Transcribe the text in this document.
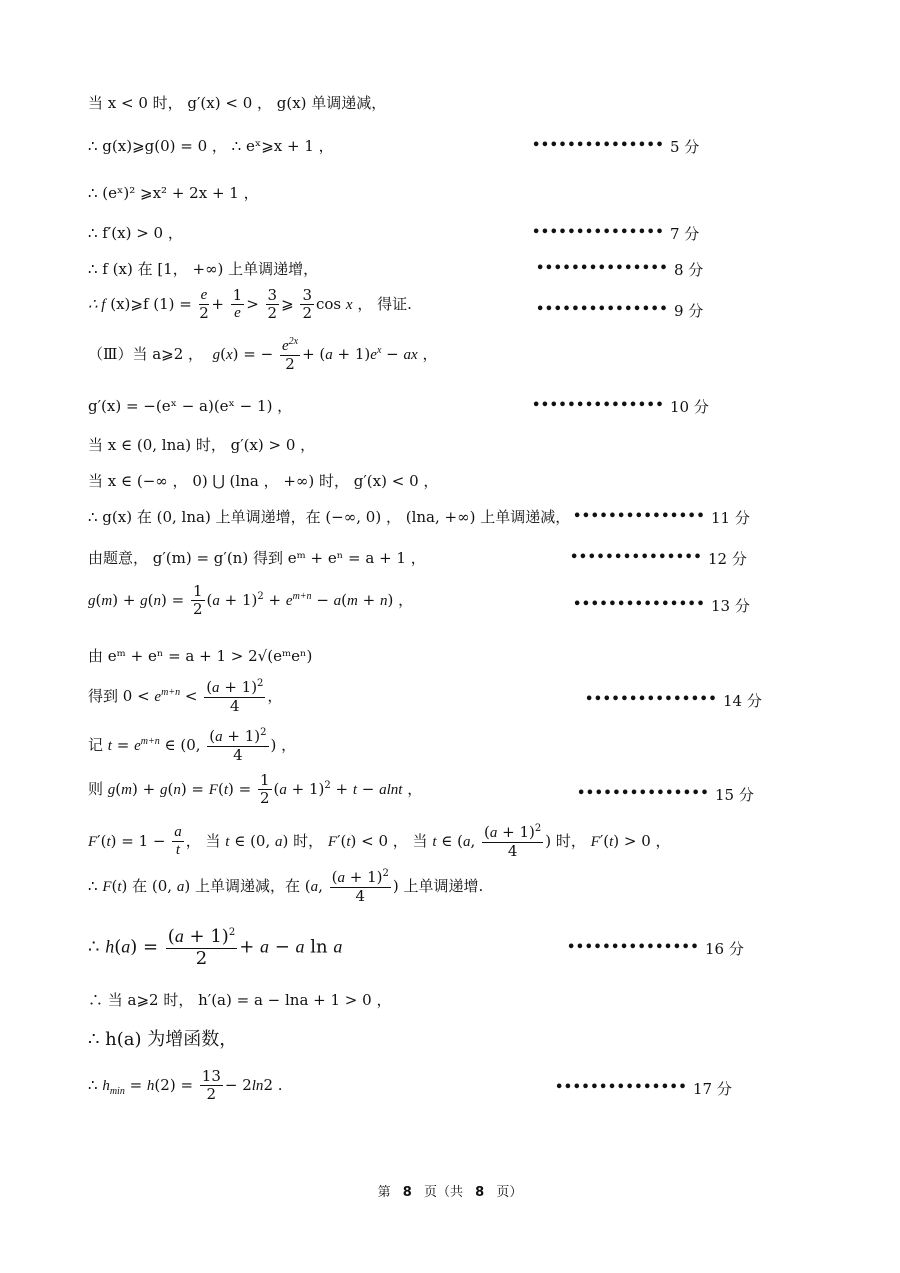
当 x < 0 时， g′(x) < 0 ， g(x) 单调递减，
∴ g(x)⩾g(0) = 0 ， ∴ eˣ⩾x + 1 ，	••••••••••••••• 5 分
∴ (eˣ)² ⩾x² + 2x + 1 ，
∴ f′(x) > 0 ，	••••••••••••••• 7 分
∴ f (x) 在 [1， +∞) 上单调递增，	••••••••••••••• 8 分
∴ f (x)⩾f $(1) = \frac{e}{2} + \frac{1}{e} > \frac{3}{2}$ ⩾ $\frac{3}{2}$ cos x ， 得证.	••••••••••••••• 9 分
（Ⅲ）当 a⩾2 ， g(x) = − $\frac{e^{2x}}{2} + (a + 1)e^x$ − ax ，
g′(x) = −(eˣ − a)(eˣ − 1) ，	••••••••••••••• 10 分
当 x ∈ (0, lna) 时， g′(x) > 0 ，
当 x ∈ (−∞ ， 0) ⋃ (lna ， +∞) 时， g′(x) < 0 ，
∴ g(x) 在 (0, lna) 上单调递增，在 (−∞, 0) ， (lna, +∞) 上单调递减， ••••••••••••••• 11 分
由题意， g′(m) = g′(n) 得到 eᵐ + eⁿ = a + 1 ，	••••••••••••••• 12 分
$g(m) + g(n) = \frac{1}{2} (a + 1)^2 + e^{m+n} - a(m + n)$ ，	••••••••••••••• 13 分
由 eᵐ + eⁿ = a + 1 > 2√(eᵐeⁿ)
得到 $0 < e^{m+n} < \frac{(a + 1)^2}{4}$ ，	••••••••••••••• 14 分
记 $t = e^{m+n}$ ∈ (0, $\frac{(a + 1)^2}{4}$ ) ，
则 $g(m) + g(n) = F(t) = \frac{1}{2} (a + 1)^2 + t - alnt$ ，	••••••••••••••• 15 分
$F'(t) = 1 - \frac{a}{t}$ ， 当 t ∈ (0, a) 时， F′(t) < 0 ， 当 t ∈ (a, $\frac{(a + 1)^2}{4}$ ) 时， F′(t) > 0 ，
∴ F(t) 在 (0, a) 上单调递减，在 (a, $\frac{(a + 1)^2}{4}$ ) 上单调递增.
∴ $h(a) = \frac{(a + 1)^2}{2} + a - a$ ln a	••••••••••••••• 16 分
∴ 当 a⩾2 时， h′(a) = a − lna + 1 > 0 ，
∴ h(a) 为增函数，
∴ $h_{min} = h(2) = \frac{13}{2} - 2\ln 2$ .	••••••••••••••• 17 分
第 8 页（共 8 页）
